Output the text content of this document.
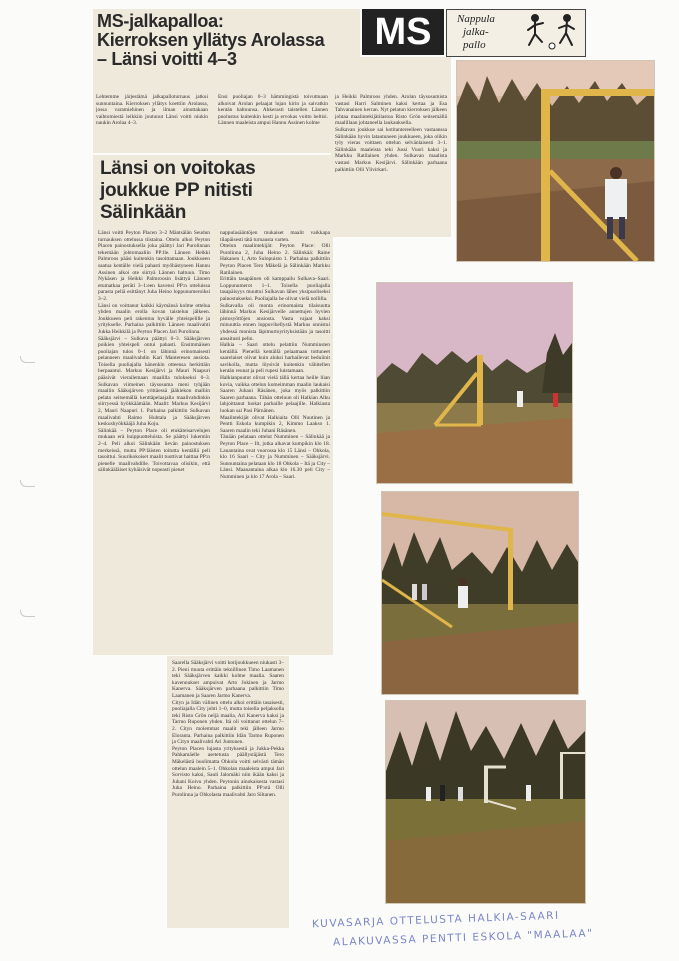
MS-jalkapalloa:
Kierroksen yllätys Arolassa
– Länsi voitti 4–3
Lehtemme järjestämä jalkapalloturnaus jatkui sunnuntaina. Kierroksen yllätys koettiin Arolassa, jossa varamiehinen ja ilman ainuttakaan vaihtomiestä leikkiin joutunut Länsi voitti niukin naukin Arolaa 4–3.
Ensi puoliajan 0–3 hämmingistä toivuttuaan alkoivat Arolan pelaajat lujan kirin ja saivatkin kentän haltuunsa. Ahkerasti taistellen Lännen puolustus kuitenkin kesti ja ervokas voitto heltisi. Lännen maaleista ampui Hannu Assinen kolme
MS	Nappula
jalka-
pallo
ja Heikki Palmroos yhden. Arolan täysosumista vastasi Harri Salminen kaksi kertaa ja Esa Tahvanainen kerran. Nyt pelatun kierroksen jälkeen johtaa maalintekijätilastoa Risto Grön seitsemällä maalillaan johtaneella laukauksella.
Sulkavan joukkue sai kotitantereelleen vastaanssa Sälinkään hyvin latautuneen joukkueen, joka olikin tyly vieras voittaen ottelun selvänlaisesti 3–1. Sälinkään maaleista teki Jussi Vuori kaksi ja Markku Ratilainen yhden. Sulkavan maalista vastasi Markus Kesijärvi. Sälinkään parhaana palkittiin Olli Ylivirkari.
Länsi on voitokas
joukkue PP nitisti
Sälinkään
Länsi voitti Peyton Placen 3–2 Mäntsälän Seudun turnauksen ottelussa tiistaina. Ottelu alkoi Peyton Placen painostuksella joka päättyi Jari Purolinnan tekemään johtomaaliin PP:lle. Lännen Heikki Palmroos pääsi kuitenkin tasoittamaan. Joukkueen saatua kentälle vielä pahasti myöhästyneen Hannu Assinen alkoi ote siirtyä Lännen haltuun. Timo Nykäsen ja Heikki Palmroosin lisättyä Lännen etumatkaa peräti 3–1:een kavensi PP:n otteluissa parasta peliä esittänyt Juha Heino loppunumeroiksi 3–2.
Länsi on voittanut kaikki käymänsä kolme ottelua yhden maalin erolla kovan taistelun jälkeen. Joukkueen peli rakentuu hyvälle yhteispelille ja yritykselle. Parhaina palkittiin Lännen maalivahti Jukka Heikkilä ja Peyton Placen Jari Purolinna.
Sääksjärvi – Sulkava päättyi 0–3. Sääksjärven poikien yhteispeli ontui pahasti. Ensimmäisen puoliajan tulos 0–1 on lähinnä erinomaisesti pelanneen maalivahdin Kari Manteresen ansiota. Toisella puoliajalla hänenkin otteensa herkittäin herpaantui. Markus Kesijärvi ja Mauri Naapuri pääsivät vierailemaan maalilla tulokseksi 0–3. Sulkavan viimeinen täysosuma meni tyhjään maaliin Sääksjärven yrittäessä jääkiekon malliin pelata seitsemällä kenttäpelaajalla maalivahdinkin siirryessä hyökkäämään. Maalit: Markus Kesijärvi 2, Mauri Naapuri 1. Parhaina palkittiin Sulkavan maalivahti Raimo Huhtala ja Sääksjärven keskushyökkääjä Juha Koju.
Sälinkää – Peyton Place oli etukäteisarvelujen mukaan erä huippuotteluista. Se päättyi lukemiin 2–4. Peli alkoi Sälinkään lievän painostuksen merkeissä, mutta PP:läisten toitutta kentällä peli tasoittui. Suurikokoiset maalit tuottivat haittaa PP:n pienelle maalivahdille. Toivottavaa olisikin, että sälinkääläiset kyhäisivät nopeasti pienet
nappulasääntöjen mukaiset maalit vaikkapa tilapäisesti tätä turnausta varten.
Ottelun maalintekijät: Peyton Place: Olli Purolinna 2, Juha Heino 2. Sälinkää: Raine Hakanen 1, Arto Sulopuisto 1. Parhaina palkittiin Peyton Placen Tero Mäkelä ja Sälinkään Markku Ratilainen.
Erittäin tasapäinen oli kamppailu Sulkava–Saari. Loppunumerot 1–1. Toisella puoliajalla tasapäisyys muuttui Sulkavan lähes yksipuoliseksi painostukseksi. Puoliajalla he olivat vielä nollilla.
Sulkavalla oli monta erinomaista tilaisuutta lähinnä Markus Kesijärvelle annettujen hyvien pistosyöttöjen ansiosta. Vasta vajaat kaksi minuuttia ennen loppuvihellystä Markus onnistui yhdessä monista läpimurtoyrityksistään ja tasoitti ansaitusti pelin.
Halkia – Saari ottelu pelattiin Numminsten kentällä. Pienellä kentällä pelaamaan tottuneet saarelaiset olivat kuin aluksi harhailevat beduiinit savikolla, mutta löysivät kuitenkin vähitellen kentän reunat ja peli rupesi luistamaan.
Halkianpuutut olivat vielä tällä kertaa heille liian kovia, vaikka ottelun komeimman maalin laukaisi Saaren Juhani Räsänen, joka myös palkittiin Saaren parhaana. Tähän otteluun oli Halkian Alku lahjoittanut luokat parhaille pelaajille. Halkiasta luokan sai Pasi Pärnänen.
Maalintekijät olivat Halkiaita Olli Nuutinen ja Pentti Eskola kumpikin 2, Kimmo Laakso 1. Saaren maalin teki Juhani Räsänen.
Tänään pelataan ottelut Numminen – Sälinkää ja Peyton Place – Ilt, jotka alkavat kumpikin klo 18. Lauantaina ovat vuorossa klo 15 Länsi – Ohkola, klo 16 Saari – City ja Numminen – Sääksjärvi. Sunnuntaina pelataan klo 18 Ohkola – Itä ja City – Länsi. Maanantaina alkaa klo 16.30 peli City – Numminen ja klo 17 Arola – Saari.
Saarella Sääksjärvi voitti kotijoukkueen niukasti 3–2. Pieni muuta erittäin teknillinen Timo Laamanen teki Sääksjärven kaikki kolme maalia. Saaren kavennukset ampuivat Arto Jokinen ja Jarmo Kanerva. Sääksjärven parhaana palkittiin Timo Laamanen ja Saaren Jarmo Kanerva.
Cityn ja Idän välinen ottelu alkoi erittäin tasaisesti, puoliajalla City johti 1–0, mutta toisella peljaksolla teki Risto Grön neljä maalia, Ari Kanerva kaksi ja Tarmo Ruponen yhden. Itä oli voittanut ottelun 7–2. Cityn molemmat maalit teki jälleen Jarmo Eloranta. Parhaina palkittiin Idän Tarmo Ruponen ja Cityn maalivahti Ari Juntunen.
Peyton Placen lujasta yrityksestä ja Jukka-Pekka Pahkamäelle asetetusta päällystäjästä Tero Mäkelästä huolimatta Ohkola voitti selvästi tämän ottelun maalein 5–1. Ohkolan maaleista ampui Jari Sorvisto kaksi, Sauli Jalomäki niin ikään kaksi ja Juhani Koivu yhden. Peytonin ainokaisesta vastasi Juha Heino. Parhaina palkittiin PP:stä Olli Purolinna ja Ohkolasta maalivahti Jaro Siltanen.
KUVASARJA OTTELUSTA HALKIA-SAARI
ALAKUVASSA PENTTI ESKOLA "MAALAA"
